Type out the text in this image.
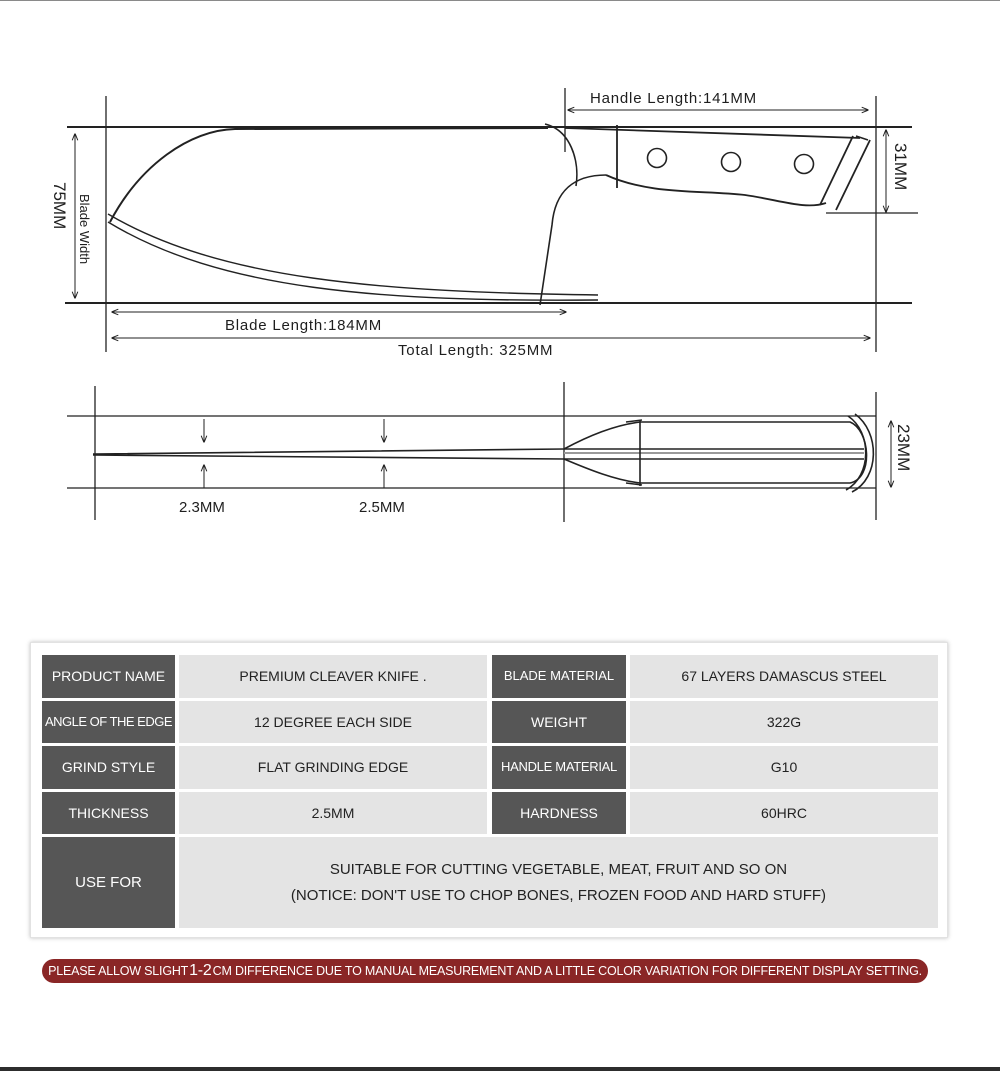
Handle Length:141MM
31MM
75MM Blade Width
Blade Length:184MM
Total Length: 325MM
2.3MM	2.5MM
23MM
PRODUCT NAME	PREMIUM CLEAVER KNIFE .	BLADE MATERIAL	67 LAYERS DAMASCUS STEEL
ANGLE OF THE EDGE	12 DEGREE EACH SIDE	WEIGHT	322G
GRIND STYLE	FLAT GRINDING EDGE	HANDLE MATERIAL	G10
THICKNESS	2.5MM	HARDNESS	60HRC
USE FOR
SUITABLE FOR CUTTING VEGETABLE, MEAT, FRUIT AND SO ON
(NOTICE: DON'T USE TO CHOP BONES, FROZEN FOOD AND HARD STUFF)
PLEASE ALLOW SLIGHT 1-2 CM DIFFERENCE DUE TO MANUAL MEASUREMENT AND A LITTLE COLOR VARIATION FOR DIFFERENT DISPLAY SETTING.
